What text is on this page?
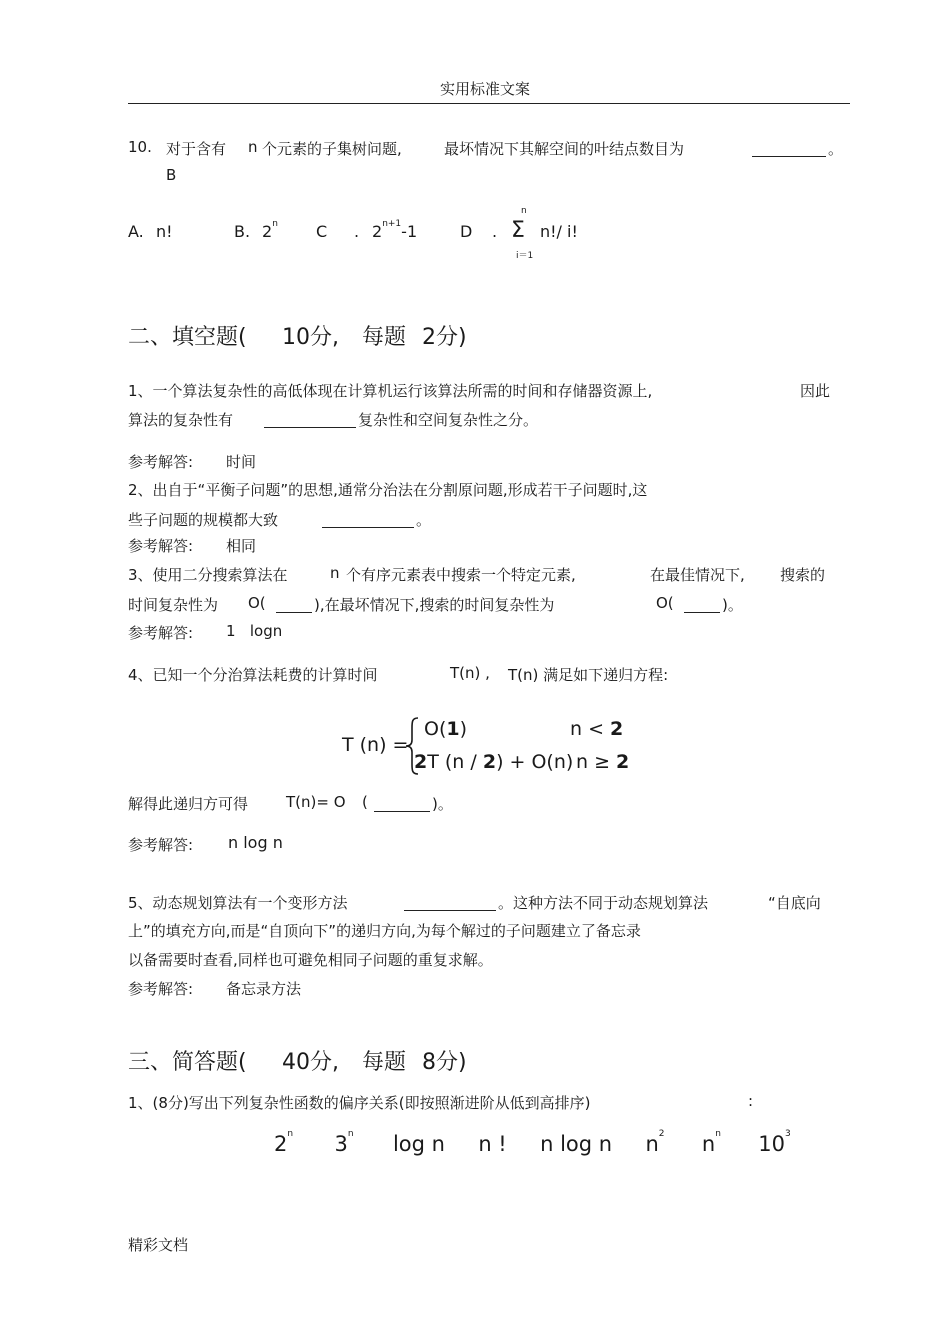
实用标准文案
10. 对于含有 n 个元素的子集树问题,	最坏情况下其解空间的叶结点数目为	。
B
A. n!	B. 2$^n$ C . $2^{n+1}-1$	D .
n
Σ
i＝1
n!/ i!
二、填空题( 10分, 每题 2分)
1、一个算法复杂性的高低体现在计算机运行该算法所需的时间和存储器资源上,	因此
算法的复杂性有	复杂性和空间复杂性之分。
参考解答: 时间
2、出自于“平衡子问题”的思想,通常分治法在分割原问题,形成若干子问题时,这
些子问题的规模都大致	。
参考解答: 相同
3、使用二分搜索算法在	n 个有序元素表中搜索一个特定元素,	在最佳情况下, 搜索的
时间复杂性为 O(	),在最坏情况下,搜索的时间复杂性为	O(	)。
参考解答: 1   logn
4、已知一个分治算法耗费的计算时间	T(n) , T(n) 满足如下递归方程:
T (n) =
O(1)	n < 2
2T (n / 2) + O(n) n ≥ 2
解得此递归方可得	T(n)= O (	)。
参考解答: n log n
5、动态规划算法有一个变形方法	。这种方法不同于动态规划算法	“自底向
上”的填充方向,而是“自顶向下”的递归方向,为每个解过的子问题建立了备忘录
以备需要时查看,同样也可避免相同子问题的重复求解。
参考解答: 备忘录方法
三、简答题( 40分, 每题 8分)
1、(8分)写出下列复杂性函数的偏序关系(即按照渐进阶从低到高排序)	:
2$^n$ 3$^n$ log n n ! n log n $n^2$ $n^n$ $10^3$
精彩文档
